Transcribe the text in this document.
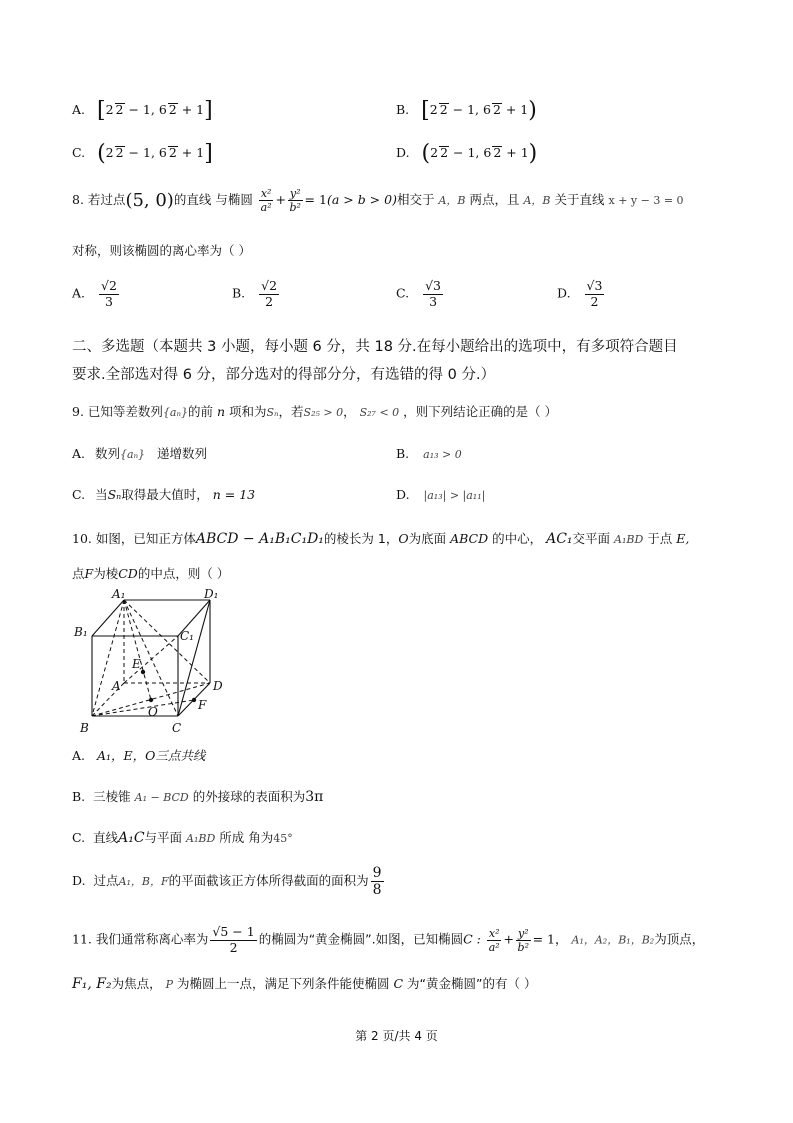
A. [2 2 − 1, 6 2 + 1]	B. [2 2 − 1, 6 2 + 1)
C. (2 2 − 1, 6 2 + 1]	D. (2 2 − 1, 6 2 + 1)
8. 若过点(5, 0)的直线 与椭圆 $\frac{\text{x²}}{\text{a²}} + \frac{\text{y²}}{\text{b²}} = 1(a > b > 0)$相交于 A，B 两点，且 A，B 关于直线 x + y − 3 = 0
对称，则该椭圆的离心率为（ ）
A. $\frac{√2}{3}$	B. $\frac{√2}{2}$	C. $\frac{√3}{3}$	D. $\frac{√3}{2}$
二、多选题（本题共 3 小题，每小题 6 分，共 18 分.在每小题给出的选项中，有多项符合题目
要求.全部选对得 6 分，部分选对的得部分分，有选错的得 0 分.）
9. 已知等差数列{aₙ}的前 n 项和为Sₙ，若S₂₅ > 0， S₂₇ < 0 ，则下列结论正确的是（ ）
A. 数列{aₙ} 递增数列	B. a₁₃ > 0
C. 当Sₙ取得最大值时， n = 13	D. |a₁₃| > |a₁₁|
10. 如图，已知正方体ABCD − A₁B₁C₁D₁的棱长为 1，O为底面 ABCD 的中心， AC₁交平面 A₁BD 于点 E,
点F为棱CD的中点，则（ ）
A₁	D₁
B₁	C₁
E
A	D
O	F
B	C
A. A₁，E，O三点共线
B. 三棱锥 A₁ − BCD 的外接球的表面积为3π
C. 直线A₁C与平面 A₁BD 所成 角为45°
D. 过点A₁，B，F的平面截该正方体所得截面的面积为 $\frac{9}{8}$
11. 我们通常称离心率为 $\frac{√5 - 1}{2}$ 的椭圆为“黄金椭圆”.如图，已知椭圆C : $\frac{\text{x²}}{\text{a²}} + \frac{\text{y²}}{\text{b²}} = 1$， A₁，A₂，B₁，B₂为顶点，
F₁, F₂为焦点， P 为椭圆上一点，满足下列条件能使椭圆 C 为“黄金椭圆”的有（ ）
第 2 页/共 4 页
